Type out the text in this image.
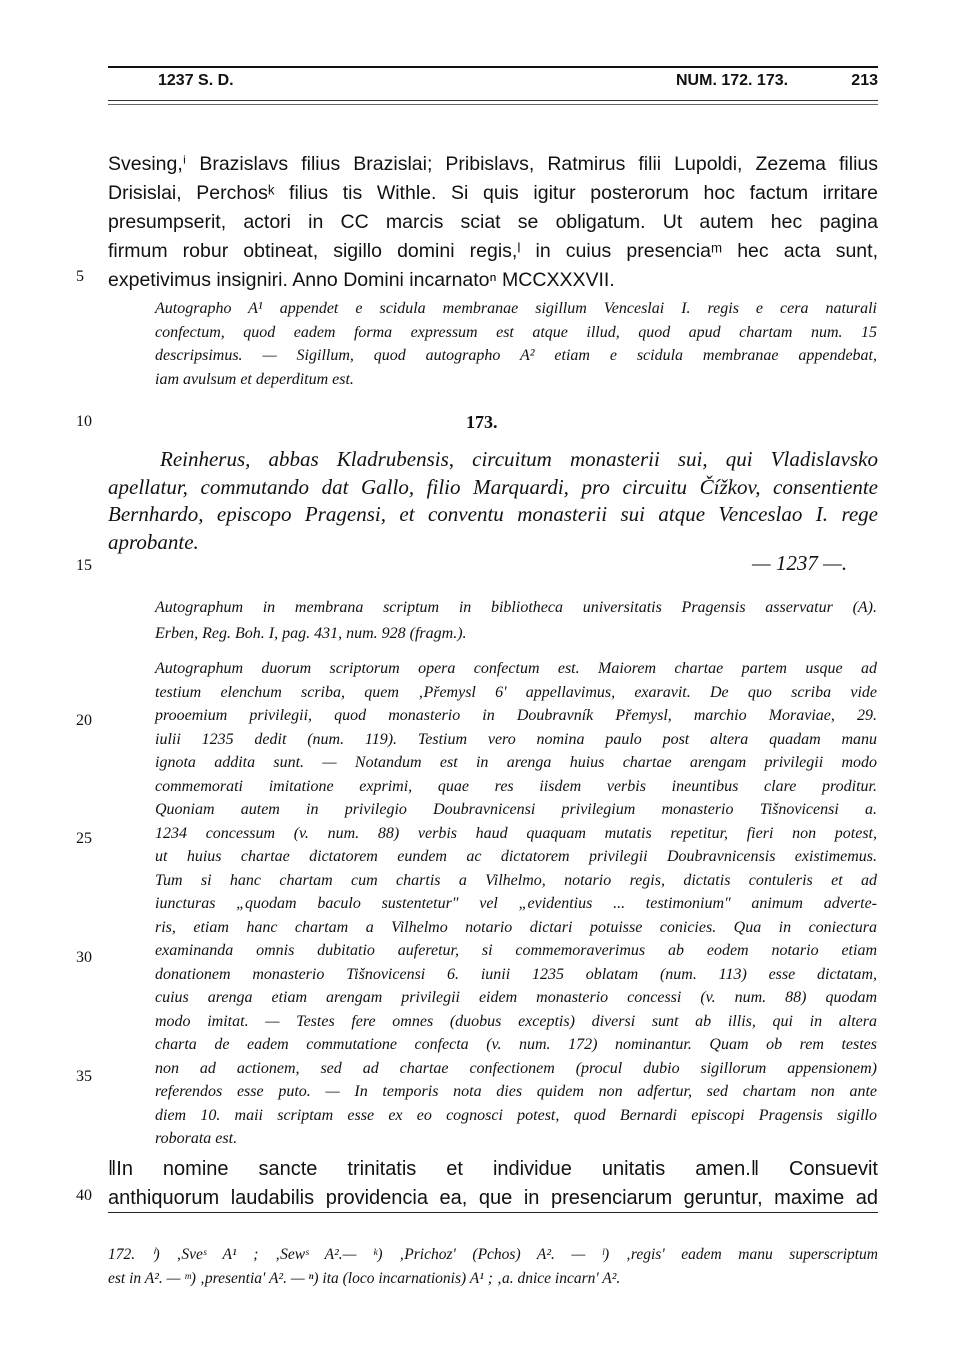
1237 S. D.	NUM. 172. 173.	213
Svesing,ⁱ Brazislavs filius Brazislai; Pribislavs, Ratmirus filii Lupoldi, Zezema filius
Drisislai, Perchosᵏ filius tis Withle. Si quis igitur posterorum hoc factum irritare
presumpserit, actori in CC marcis sciat se obligatum. Ut autem hec pagina
firmum robur obtineat, sigillo domini regis,ˡ in cuius presenciaᵐ hec acta sunt,
expetivimus insigniri. Anno Domini incarnatoⁿ MCCXXXVII.
Autographo A¹ appendet e scidula membranae sigillum Venceslai I. regis e cera naturali
confectum, quod eadem forma expressum est atque illud, quod apud chartam num. 15
descripsimus. — Sigillum, quod autographo A² etiam e scidula membranae appendebat,
iam avulsum et deperditum est.
5
10
15
20
25
30
35
40
173.
Reinherus, abbas Kladrubensis, circuitum monasterii sui, qui Vladislavsko
apellatur, commutando dat Gallo, filio Marquardi, pro circuitu Čížkov, consentiente
Bernhardo, episcopo Pragensi, et conventu monasterii sui atque Venceslao I. rege
aprobante.
— 1237 —.
Autographum in membrana scriptum in bibliotheca universitatis Pragensis asservatur (A).
Erben, Reg. Boh. I, pag. 431, num. 928 (fragm.).
Autographum duorum scriptorum opera confectum est. Maiorem chartae partem usque ad
testium elenchum scriba, quem ‚Přemysl 6' appellavimus, exaravit. De quo scriba vide
prooemium privilegii, quod monasterio in Doubravník Přemysl, marchio Moraviae, 29.
iulii 1235 dedit (num. 119). Testium vero nomina paulo post altera quadam manu
ignota addita sunt. — Notandum est in arenga huius chartae arengam privilegii modo
commemorati imitatione exprimi, quae res iisdem verbis ineuntibus clare proditur.
Quoniam autem in privilegio Doubravnicensi privilegium monasterio Tišnovicensi a.
1234 concessum (v. num. 88) verbis haud quaquam mutatis repetitur, fieri non potest,
ut huius chartae dictatorem eundem ac dictatorem privilegii Doubravnicensis existimemus.
Tum si hanc chartam cum chartis a Vilhelmo, notario regis, dictatis contuleris et ad
iuncturas „quodam baculo sustentetur" vel „evidentius ... testimonium" animum adverte-
ris, etiam hanc chartam a Vilhelmo notario dictari potuisse conicies. Qua in coniectura
examinanda omnis dubitatio auferetur, si commemoraverimus ab eodem notario etiam
donationem monasterio Tišnovicensi 6. iunii 1235 oblatam (num. 113) esse dictatam,
cuius arenga etiam arengam privilegii eidem monasterio concessi (v. num. 88) quodam
modo imitat. — Testes fere omnes (duobus exceptis) diversi sunt ab illis, qui in altera
charta de eadem commutatione confecta (v. num. 172) nominantur. Quam ob rem testes
non ad actionem, sed ad chartae confectionem (procul dubio sigillorum appensionem)
referendos esse puto. — In temporis nota dies quidem non adfertur, sed chartam non ante
diem 10. maii scriptam esse ex eo cognosci potest, quod Bernardi episcopi Pragensis sigillo
roborata est.
‖In nomine sancte trinitatis et individue unitatis amen.‖ Consuevit
anthiquorum laudabilis providencia ea, que in presenciarum geruntur, maxime ad
172. ⁱ) ‚Sveˢ A¹ ; ‚Sewˢ A².— ᵏ) ‚Prichoz' (Pchos) A². — ˡ) ‚regis' eadem manu superscriptum
est in A². — ᵐ) ‚presentia' A². — ⁿ) ita (loco incarnationis) A¹ ; ‚a. dnice incarn' A².
